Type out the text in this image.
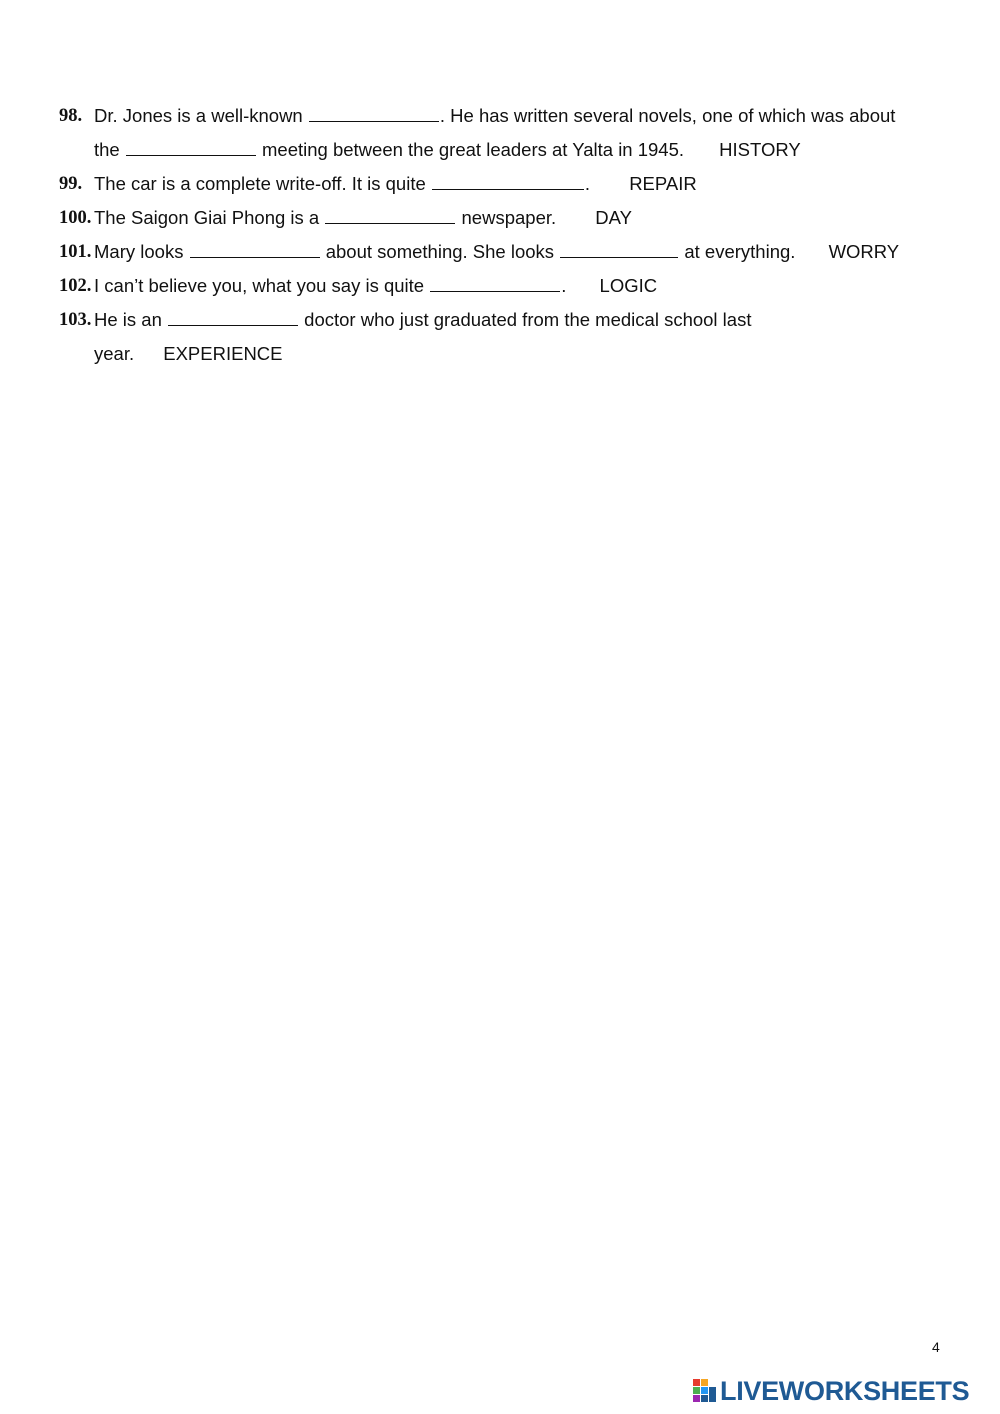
98. Dr. Jones is a well-known	. He has written several novels, one of which was about
the	meeting between the great leaders at Yalta in 1945. HISTORY
99. The car is a complete write-off. It is quite	. REPAIR
100. The Saigon Giai Phong is a	newspaper. DAY
101. Mary looks	about something. She looks	at everything. WORRY
102. I can’t believe you, what you say is quite	. LOGIC
103. He is an	doctor who just graduated from the medical school last
year. EXPERIENCE
4
LIVEWORKSHEETS
